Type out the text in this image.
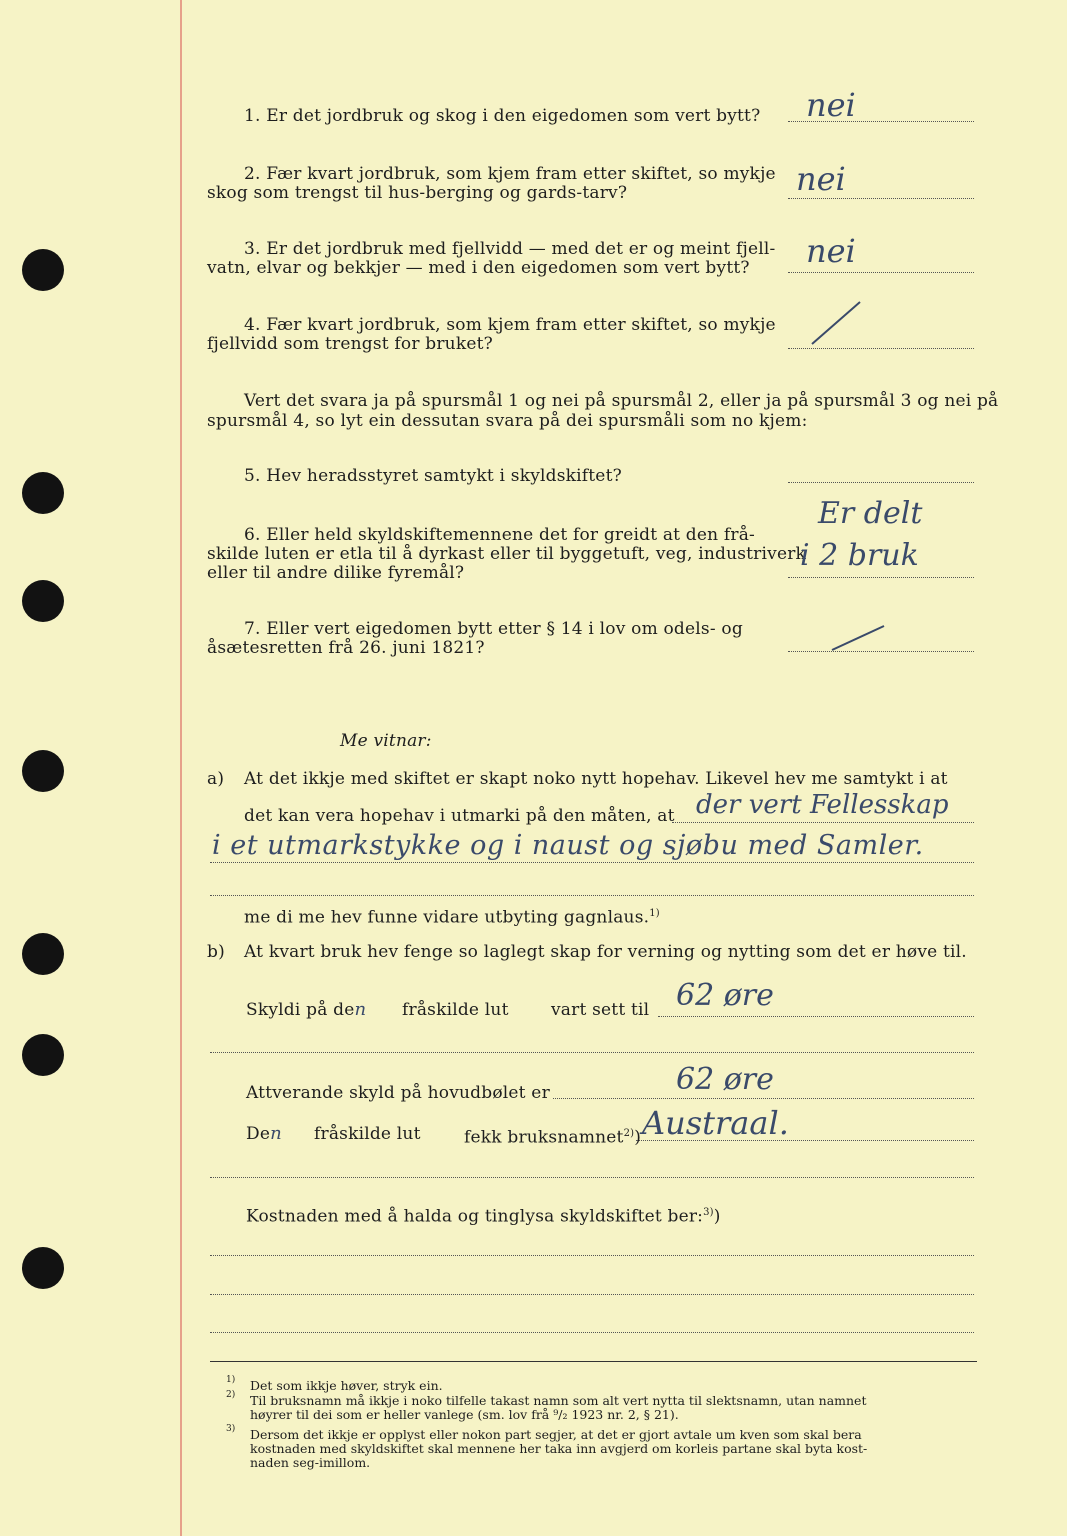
1. Er det jordbruk og skog i den eigedomen som vert bytt? nei
2. Fær kvart jordbruk, som kjem fram etter skiftet, so mykje
skog som trengst til hus‑berging og gards‑tarv?	nei
3. Er det jordbruk med fjellvidd — med det er og meint fjell‑
vatn, elvar og bekkjer — med i den eigedomen som vert bytt? nei
4. Fær kvart jordbruk, som kjem fram etter skiftet, so mykje
fjellvidd som trengst for bruket?
Vert det svara ja på spursmål 1 og nei på spursmål 2, eller ja på spursmål 3 og nei på
spursmål 4, so lyt ein dessutan svara på dei spursmåli som no kjem:
5. Hev heradsstyret samtykt i skyldskiftet?
6. Eller held skyldskiftemennene det for greidt at den frå‑
skilde luten er etla til å dyrkast eller til byggetuft, veg, industriverk
eller til andre dilike fyremål?
Er delt
i 2 bruk
7. Eller vert eigedomen bytt etter § 14 i lov om odels‑ og
åsætesretten frå 26. juni 1821?
Me vitnar:
a) At det ikkje med skiftet er skapt noko nytt hopehav. Likevel hev me samtykt i at
det kan vera hopehav i utmarki på den måten, at der vert Fellesskap
i et utmarkstykke og i naust og sjøbu med Samler.
me di me hev funne vidare utbyting gagnlaus.$^{1)}$
b) At kvart bruk hev fenge so laglegt skap for verning og nytting som det er høve til.
Skyldi på den fråskilde lut vart sett til 62 øre
Attverande skyld på hovudbølet er	62 øre
Den fråskilde lut	fekk bruksnamnet$^{2)}$) Austraal.
Kostnaden med å halda og tinglysa skyldskiftet ber:$^{3)}$)
1) Det som ikkje høver, stryk ein.
2) Til bruksnamn må ikkje i noko tilfelle takast namn som alt vert nytta til slektsnamn, utan namnet
høyrer til dei som er heller vanlege (sm. lov frå ⁹/₂ 1923 nr. 2, § 21).
3) Dersom det ikkje er opplyst eller nokon part segjer, at det er gjort avtale um kven som skal bera
kostnaden med skyldskiftet skal mennene her taka inn avgjerd om korleis partane skal byta kost‑
naden seg‑imillom.
